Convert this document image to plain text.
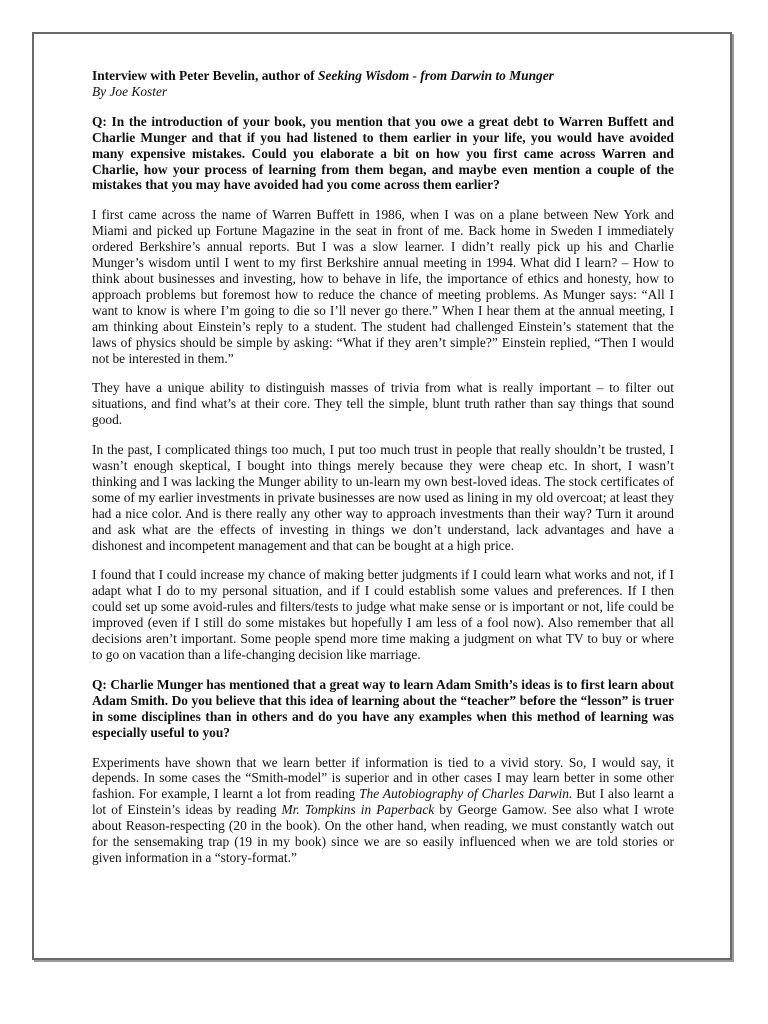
Interview with Peter Bevelin, author of Seeking Wisdom - from Darwin to Munger

By Joe Koster

Q: In the introduction of your book, you mention that you owe a great debt to Warren Buffett and Charlie Munger and that if you had listened to them earlier in your life, you would have avoided many expensive mistakes. Could you elaborate a bit on how you first came across Warren and Charlie, how your process of learning from them began, and maybe even mention a couple of the mistakes that you may have avoided had you come across them earlier?

I first came across the name of Warren Buffett in 1986, when I was on a plane between New York and Miami and picked up Fortune Magazine in the seat in front of me. Back home in Sweden I immediately ordered Berkshire’s annual reports. But I was a slow learner. I didn’t really pick up his and Charlie Munger’s wisdom until I went to my first Berkshire annual meeting in 1994. What did I learn? – How to think about businesses and investing, how to behave in life, the importance of ethics and honesty, how to approach problems but foremost how to reduce the chance of meeting problems. As Munger says: “All I want to know is where I’m going to die so I’ll never go there.” When I hear them at the annual meeting, I am thinking about Einstein’s reply to a student. The student had challenged Einstein’s statement that the laws of physics should be simple by asking: “What if they aren’t simple?” Einstein replied, “Then I would not be interested in them.”

They have a unique ability to distinguish masses of trivia from what is really important – to filter out situations, and find what’s at their core. They tell the simple, blunt truth rather than say things that sound good.

In the past, I complicated things too much, I put too much trust in people that really shouldn’t be trusted, I wasn’t enough skeptical, I bought into things merely because they were cheap etc. In short, I wasn’t thinking and I was lacking the Munger ability to un-learn my own best-loved ideas. The stock certificates of some of my earlier investments in private businesses are now used as lining in my old overcoat; at least they had a nice color. And is there really any other way to approach investments than their way? Turn it around and ask what are the effects of investing in things we don’t understand, lack advantages and have a dishonest and incompetent management and that can be bought at a high price.

I found that I could increase my chance of making better judgments if I could learn what works and not, if I adapt what I do to my personal situation, and if I could establish some values and preferences. If I then could set up some avoid-rules and filters/tests to judge what make sense or is important or not, life could be improved (even if I still do some mistakes but hopefully I am less of a fool now). Also remember that all decisions aren’t important. Some people spend more time making a judgment on what TV to buy or where to go on vacation than a life-changing decision like marriage.

Q: Charlie Munger has mentioned that a great way to learn Adam Smith’s ideas is to first learn about Adam Smith. Do you believe that this idea of learning about the “teacher” before the “lesson” is truer in some disciplines than in others and do you have any examples when this method of learning was especially useful to you?

Experiments have shown that we learn better if information is tied to a vivid story. So, I would say, it depends. In some cases the “Smith-model” is superior and in other cases I may learn better in some other fashion. For example, I learnt a lot from reading The Autobiography of Charles Darwin. But I also learnt a lot of Einstein’s ideas by reading Mr. Tompkins in Paperback by George Gamow. See also what I wrote about Reason-respecting (20 in the book). On the other hand, when reading, we must constantly watch out for the sensemaking trap (19 in my book) since we are so easily influenced when we are told stories or given information in a “story-format.”
